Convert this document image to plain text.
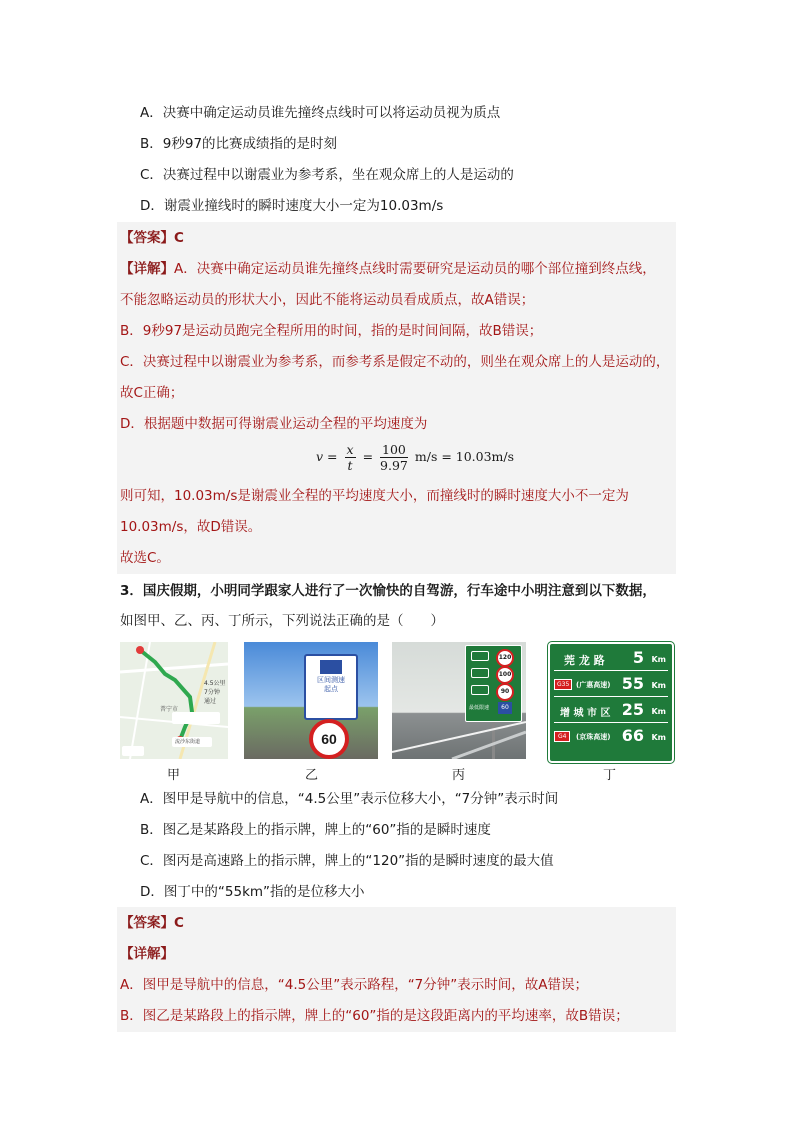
A．决赛中确定运动员谁先撞终点线时可以将运动员视为质点
B．9秒97的比赛成绩指的是时刻
C．决赛过程中以谢震业为参考系，坐在观众席上的人是运动的
D．谢震业撞线时的瞬时速度大小一定为10.03m/s
【答案】C
【详解】A．决赛中确定运动员谁先撞终点线时需要研究是运动员的哪个部位撞到终点线，
不能忽略运动员的形状大小，因此不能将运动员看成质点，故A错误；
B．9秒97是运动员跑完全程所用的时间，指的是时间间隔，故B错误；
C．决赛过程中以谢震业为参考系，而参考系是假定不动的，则坐在观众席上的人是运动的，
故C正确；
D．根据题中数据可得谢震业运动全程的平均速度为
$v = \frac{x}{t} = \frac{100}{9.97} m/s = 10.03m/s$
则可知，10.03m/s是谢震业全程的平均速度大小，而撞线时的瞬时速度大小不一定为
10.03m/s，故D错误。
故选C。
3．国庆假期，小明同学跟家人进行了一次愉快的自驾游，行车途中小明注意到以下数据，
如图甲、乙、丙、丁所示，下列说法正确的是（　　）
4.5公里
7分钟
通过
普宁市
流沙东街道
区间测速
起点
60
120
100
90
最低限速	60
莞 龙 路 5 Km
G35 (广惠高速) 55 Km
增 城 市 区 25 Km
G4	(京珠高速) 66 Km
甲	乙	丙	丁
A．图甲是导航中的信息，“4.5公里”表示位移大小，“7分钟”表示时间
B．图乙是某路段上的指示牌，牌上的“60”指的是瞬时速度
C．图丙是高速路上的指示牌，牌上的“120”指的是瞬时速度的最大值
D．图丁中的“55km”指的是位移大小
【答案】C
【详解】
A．图甲是导航中的信息，“4.5公里”表示路程，“7分钟”表示时间，故A错误；
B．图乙是某路段上的指示牌，牌上的“60”指的是这段距离内的平均速率，故B错误；
